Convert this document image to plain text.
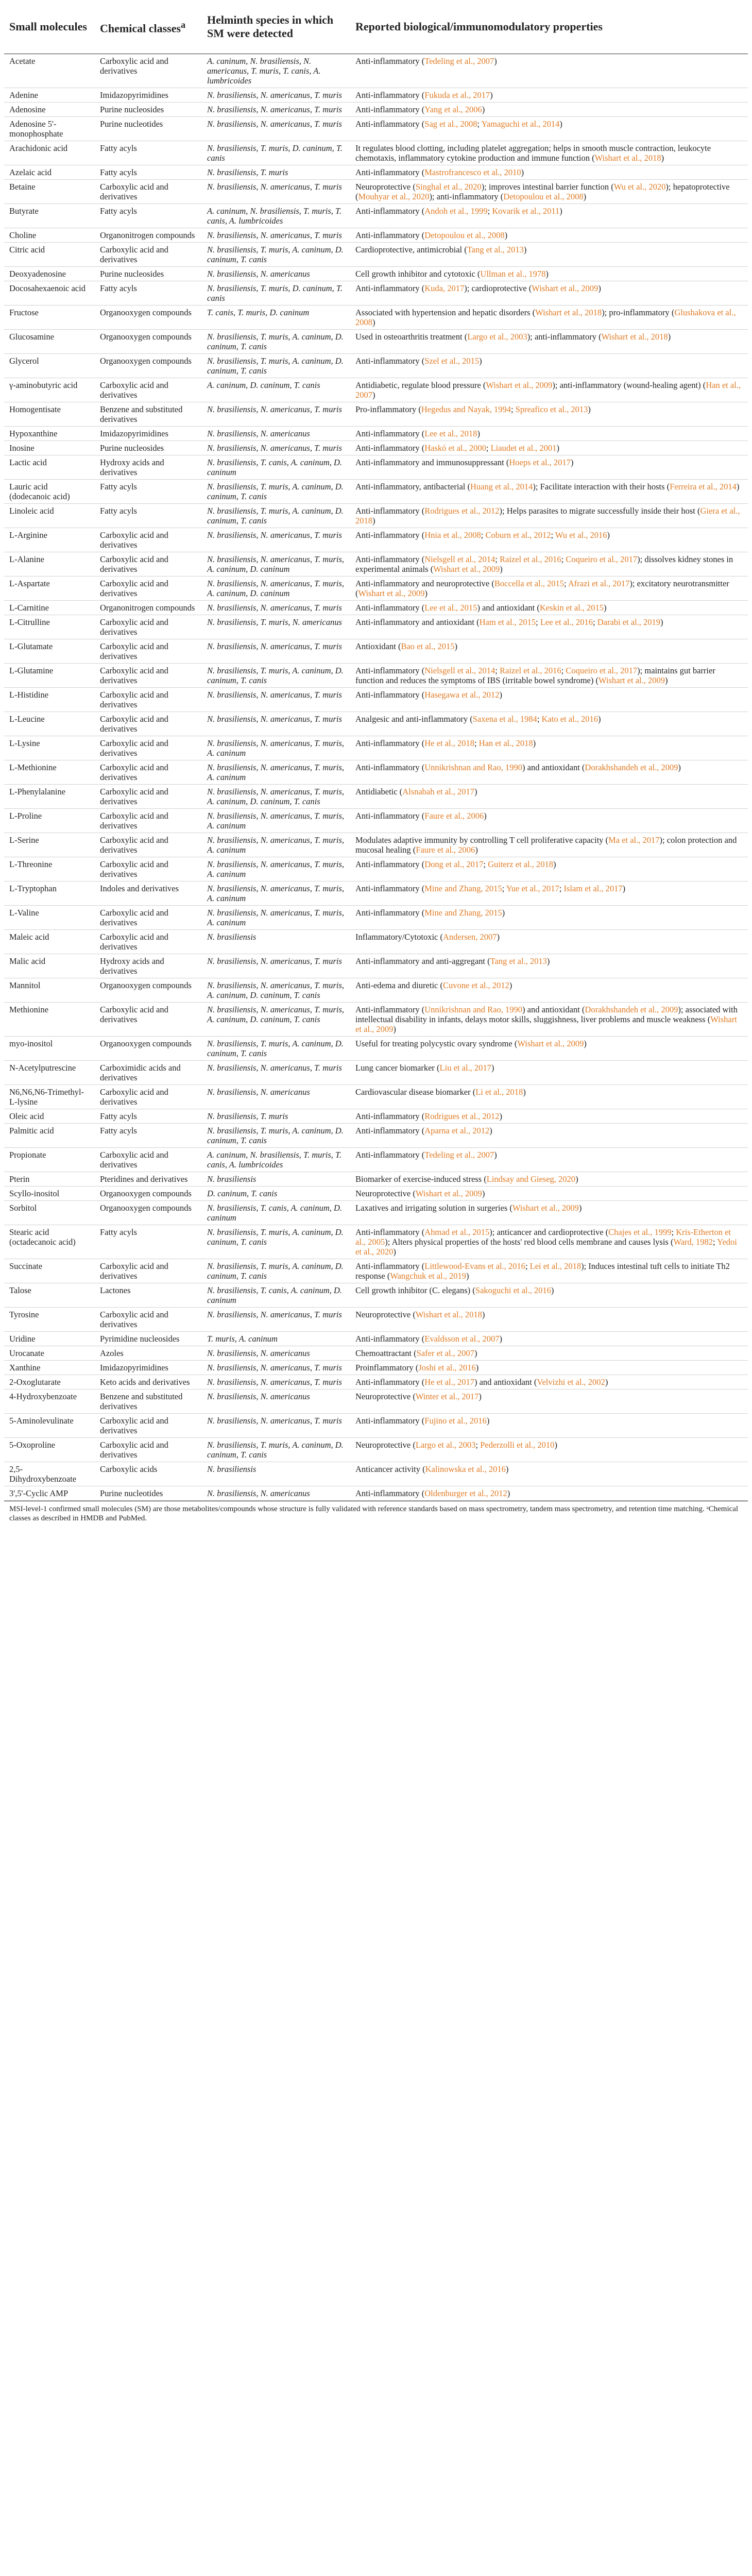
Small molecules	Chemical classes$^a$	Helminth species in which SM were detected	Reported biological/immunomodulatory properties
Acetate	Carboxylic acid and derivatives	A. caninum, N. brasiliensis, N. americanus, T. muris, T. canis, A. lumbricoides	Anti-inflammatory (Tedeling et al., 2007)
Adenine	Imidazopyrimidines	N. brasiliensis, N. americanus, T. muris	Anti-inflammatory (Fukuda et al., 2017)
Adenosine	Purine nucleosides	N. brasiliensis, N. americanus, T. muris	Anti-inflammatory (Yang et al., 2006)
Adenosine 5'-monophosphate	Purine nucleotides	N. brasiliensis, N. americanus, T. muris	Anti-inflammatory (Sag et al., 2008; Yamaguchi et al., 2014)
Arachidonic acid	Fatty acyls	N. brasiliensis, T. muris, D. caninum, T. canis	It regulates blood clotting, including platelet aggregation; helps in smooth muscle contraction, leukocyte chemotaxis, inflammatory cytokine production and immune function (Wishart et al., 2018)
Azelaic acid	Fatty acyls	N. brasiliensis, T. muris	Anti-inflammatory (Mastrofrancesco et al., 2010)
Betaine	Carboxylic acid and derivatives	N. brasiliensis, N. americanus, T. muris	Neuroprotective (Singhal et al., 2020); improves intestinal barrier function (Wu et al., 2020); hepatoprotective (Mouhyar et al., 2020); anti-inflammatory (Detopoulou et al., 2008)
Butyrate	Fatty acyls	A. caninum, N. brasiliensis, T. muris, T. canis, A. lumbricoides	Anti-inflammatory (Andoh et al., 1999; Kovarik et al., 2011)
Choline	Organonitrogen compounds	N. brasiliensis, N. americanus, T. muris	Anti-inflammatory (Detopoulou et al., 2008)
Citric acid	Carboxylic acid and derivatives	N. brasiliensis, T. muris, A. caninum, D. caninum, T. canis	Cardioprotective, antimicrobial (Tang et al., 2013)
Deoxyadenosine	Purine nucleosides	N. brasiliensis, N. americanus	Cell growth inhibitor and cytotoxic (Ullman et al., 1978)
Docosahexaenoic acid	Fatty acyls	N. brasiliensis, T. muris, D. caninum, T. canis	Anti-inflammatory (Kuda, 2017); cardioprotective (Wishart et al., 2009)
Fructose	Organooxygen compounds	T. canis, T. muris, D. caninum	Associated with hypertension and hepatic disorders (Wishart et al., 2018); pro-inflammatory (Glushakova et al., 2008)
Glucosamine	Organooxygen compounds	N. brasiliensis, T. muris, A. caninum, D. caninum, T. canis	Used in osteoarthritis treatment (Largo et al., 2003); anti-inflammatory (Wishart et al., 2018)
Glycerol	Organooxygen compounds	N. brasiliensis, T. muris, A. caninum, D. caninum, T. canis	Anti-inflammatory (Szel et al., 2015)
γ-aminobutyric acid	Carboxylic acid and derivatives	A. caninum, D. caninum, T. canis	Antidiabetic, regulate blood pressure (Wishart et al., 2009); anti-inflammatory (wound-healing agent) (Han et al., 2007)
Homogentisate	Benzene and substituted derivatives	N. brasiliensis, N. americanus, T. muris	Pro-inflammatory (Hegedus and Nayak, 1994; Spreafico et al., 2013)
Hypoxanthine	Imidazopyrimidines	N. brasiliensis, N. americanus	Anti-inflammatory (Lee et al., 2018)
Inosine	Purine nucleosides	N. brasiliensis, N. americanus, T. muris	Anti-inflammatory (Haskó et al., 2000; Liaudet et al., 2001)
Lactic acid	Hydroxy acids and derivatives	N. brasiliensis, T. canis, A. caninum, D. caninum	Anti-inflammatory and immunosuppressant (Hoeps et al., 2017)
Lauric acid (dodecanoic acid)	Fatty acyls	N. brasiliensis, T. muris, A. caninum, D. caninum, T. canis	Anti-inflammatory, antibacterial (Huang et al., 2014); Facilitate interaction with their hosts (Ferreira et al., 2014)
Linoleic acid	Fatty acyls	N. brasiliensis, T. muris, A. caninum, D. caninum, T. canis	Anti-inflammatory (Rodrigues et al., 2012); Helps parasites to migrate successfully inside their host (Giera et al., 2018)
L-Arginine	Carboxylic acid and derivatives	N. brasiliensis, N. americanus, T. muris	Anti-inflammatory (Hnia et al., 2008; Coburn et al., 2012; Wu et al., 2016)
L-Alanine	Carboxylic acid and derivatives	N. brasiliensis, N. americanus, T. muris, A. caninum, D. caninum	Anti-inflammatory (Nielsgell et al., 2014; Raizel et al., 2016; Coqueiro et al., 2017); dissolves kidney stones in experimental animals (Wishart et al., 2009)
L-Aspartate	Carboxylic acid and derivatives	N. brasiliensis, N. americanus, T. muris, A. caninum, D. caninum	Anti-inflammatory and neuroprotective (Boccella et al., 2015; Afrazi et al., 2017); excitatory neurotransmitter (Wishart et al., 2009)
L-Carnitine	Organonitrogen compounds	N. brasiliensis, N. americanus, T. muris	Anti-inflammatory (Lee et al., 2015) and antioxidant (Keskin et al., 2015)
L-Citrulline	Carboxylic acid and derivatives	N. brasiliensis, T. muris, N. americanus	Anti-inflammatory and antioxidant (Ham et al., 2015; Lee et al., 2016; Darabi et al., 2019)
L-Glutamate	Carboxylic acid and derivatives	N. brasiliensis, N. americanus, T. muris	Antioxidant (Bao et al., 2015)
L-Glutamine	Carboxylic acid and derivatives	N. brasiliensis, T. muris, A. caninum, D. caninum, T. canis	Anti-inflammatory (Nielsgell et al., 2014; Raizel et al., 2016; Coqueiro et al., 2017); maintains gut barrier function and reduces the symptoms of IBS (irritable bowel syndrome) (Wishart et al., 2009)
L-Histidine	Carboxylic acid and derivatives	N. brasiliensis, N. americanus, T. muris	Anti-inflammatory (Hasegawa et al., 2012)
L-Leucine	Carboxylic acid and derivatives	N. brasiliensis, N. americanus, T. muris	Analgesic and anti-inflammatory (Saxena et al., 1984; Kato et al., 2016)
L-Lysine	Carboxylic acid and derivatives	N. brasiliensis, N. americanus, T. muris, A. caninum	Anti-inflammatory (He et al., 2018; Han et al., 2018)
L-Methionine	Carboxylic acid and derivatives	N. brasiliensis, N. americanus, T. muris, A. caninum	Anti-inflammatory (Unnikrishnan and Rao, 1990) and antioxidant (Dorakhshandeh et al., 2009)
L-Phenylalanine	Carboxylic acid and derivatives	N. brasiliensis, N. americanus, T. muris, A. caninum, D. caninum, T. canis	Antidiabetic (Alsnabah et al., 2017)
L-Proline	Carboxylic acid and derivatives	N. brasiliensis, N. americanus, T. muris, A. caninum	Anti-inflammatory (Faure et al., 2006)
L-Serine	Carboxylic acid and derivatives	N. brasiliensis, N. americanus, T. muris, A. caninum	Modulates adaptive immunity by controlling T cell proliferative capacity (Ma et al., 2017); colon protection and mucosal healing (Faure et al., 2006)
L-Threonine	Carboxylic acid and derivatives	N. brasiliensis, N. americanus, T. muris, A. caninum	Anti-inflammatory (Dong et al., 2017; Guiterz et al., 2018)
L-Tryptophan	Indoles and derivatives	N. brasiliensis, N. americanus, T. muris, A. caninum	Anti-inflammatory (Mine and Zhang, 2015; Yue et al., 2017; Islam et al., 2017)
L-Valine	Carboxylic acid and derivatives	N. brasiliensis, N. americanus, T. muris, A. caninum	Anti-inflammatory (Mine and Zhang, 2015)
Maleic acid	Carboxylic acid and derivatives	N. brasiliensis	Inflammatory/Cytotoxic (Andersen, 2007)
Malic acid	Hydroxy acids and derivatives	N. brasiliensis, N. americanus, T. muris	Anti-inflammatory and anti-aggregant (Tang et al., 2013)
Mannitol	Organooxygen compounds	N. brasiliensis, N. americanus, T. muris, A. caninum, D. caninum, T. canis	Anti-edema and diuretic (Cuvone et al., 2012)
Methionine	Carboxylic acid and derivatives	N. brasiliensis, N. americanus, T. muris, A. caninum, D. caninum, T. canis	Anti-inflammatory (Unnikrishnan and Rao, 1990) and antioxidant (Dorakhshandeh et al., 2009); associated with intellectual disability in infants, delays motor skills, sluggishness, liver problems and muscle weakness (Wishart et al., 2009)
myo-inositol	Organooxygen compounds	N. brasiliensis, T. muris, A. caninum, D. caninum, T. canis	Useful for treating polycystic ovary syndrome (Wishart et al., 2009)
N-Acetylputrescine	Carboximidic acids and derivatives	N. brasiliensis, N. americanus, T. muris	Lung cancer biomarker (Liu et al., 2017)
N6,N6,N6-Trimethyl-L-lysine	Carboxylic acid and derivatives	N. brasiliensis, N. americanus	Cardiovascular disease biomarker (Li et al., 2018)
Oleic acid	Fatty acyls	N. brasiliensis, T. muris	Anti-inflammatory (Rodrigues et al., 2012)
Palmitic acid	Fatty acyls	N. brasiliensis, T. muris, A. caninum, D. caninum, T. canis	Anti-inflammatory (Aparna et al., 2012)
Propionate	Carboxylic acid and derivatives	A. caninum, N. brasiliensis, T. muris, T. canis, A. lumbricoides	Anti-inflammatory (Tedeling et al., 2007)
Pterin	Pteridines and derivatives	N. brasiliensis	Biomarker of exercise-induced stress (Lindsay and Gieseg, 2020)
Scyllo-inositol	Organooxygen compounds	D. caninum, T. canis	Neuroprotective (Wishart et al., 2009)
Sorbitol	Organooxygen compounds	N. brasiliensis, T. canis, A. caninum, D. caninum	Laxatives and irrigating solution in surgeries (Wishart et al., 2009)
Stearic acid (octadecanoic acid)	Fatty acyls	N. brasiliensis, T. muris, A. caninum, D. caninum, T. canis	Anti-inflammatory (Ahmad et al., 2015); anticancer and cardioprotective (Chajes et al., 1999; Kris-Etherton et al., 2005); Alters physical properties of the hosts' red blood cells membrane and causes lysis (Ward, 1982; Yedoi et al., 2020)
Succinate	Carboxylic acid and derivatives	N. brasiliensis, T. muris, A. caninum, D. caninum, T. canis	Anti-inflammatory (Littlewood-Evans et al., 2016; Lei et al., 2018); Induces intestinal tuft cells to initiate Th2 response (Wangchuk et al., 2019)
Talose	Lactones	N. brasiliensis, T. canis, A. caninum, D. caninum	Cell growth inhibitor (C. elegans) (Sakoguchi et al., 2016)
Tyrosine	Carboxylic acid and derivatives	N. brasiliensis, N. americanus, T. muris	Neuroprotective (Wishart et al., 2018)
Uridine	Pyrimidine nucleosides	T. muris, A. caninum	Anti-inflammatory (Evaldsson et al., 2007)
Urocanate	Azoles	N. brasiliensis, N. americanus	Chemoattractant (Safer et al., 2007)
Xanthine	Imidazopyrimidines	N. brasiliensis, N. americanus, T. muris	Proinflammatory (Joshi et al., 2016)
2-Oxoglutarate	Keto acids and derivatives	N. brasiliensis, N. americanus, T. muris	Anti-inflammatory (He et al., 2017) and antioxidant (Velvizhi et al., 2002)
4-Hydroxybenzoate	Benzene and substituted derivatives	N. brasiliensis, N. americanus	Neuroprotective (Winter et al., 2017)
5-Aminolevulinate	Carboxylic acid and derivatives	N. brasiliensis, N. americanus, T. muris	Anti-inflammatory (Fujino et al., 2016)
5-Oxoproline	Carboxylic acid and derivatives	N. brasiliensis, T. muris, A. caninum, D. caninum, T. canis	Neuroprotective (Largo et al., 2003; Pederzolli et al., 2010)
2,5-Dihydroxybenzoate	Carboxylic acids	N. brasiliensis	Anticancer activity (Kalinowska et al., 2016)
3',5'-Cyclic AMP	Purine nucleotides	N. brasiliensis, N. americanus	Anti-inflammatory (Oldenburger et al., 2012)
MSI-level-1 confirmed small molecules (SM) are those metabolites/compounds whose structure is fully validated with reference standards based on mass spectrometry, tandem mass spectrometry, and retention time matching. ᵃChemical classes as described in HMDB and PubMed.
